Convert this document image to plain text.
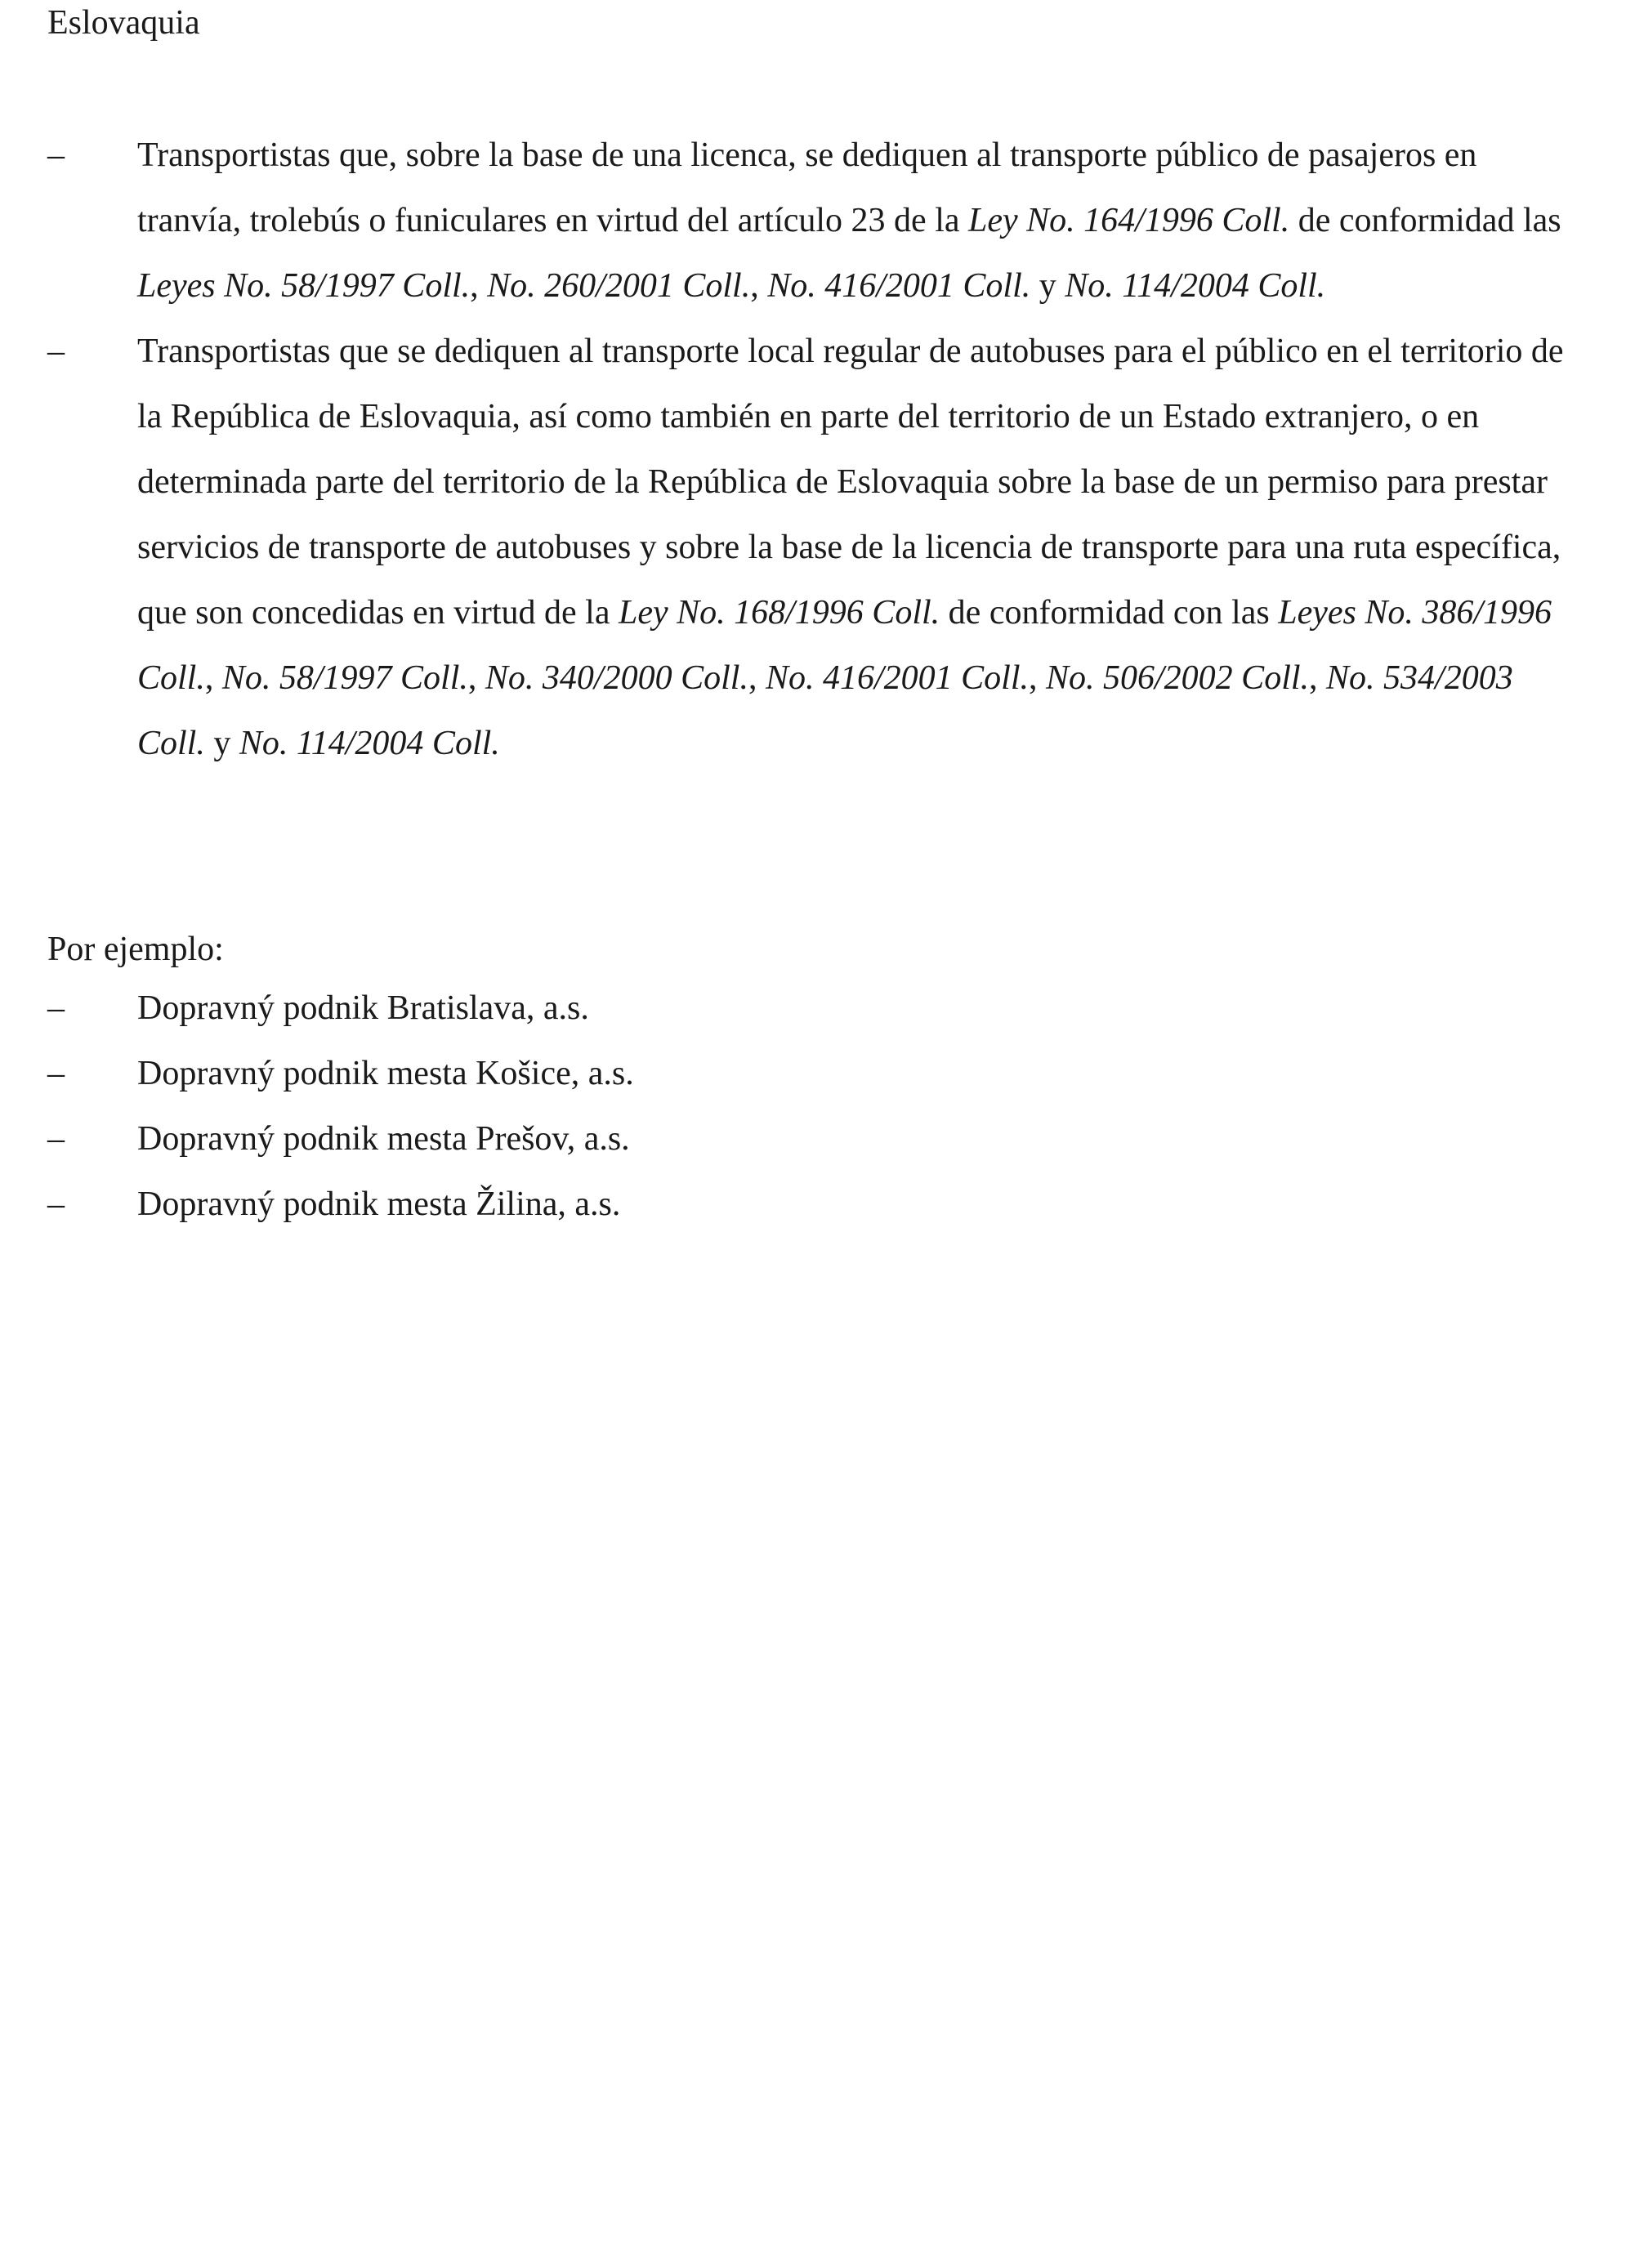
Eslovaquia
–	Transportistas que, sobre la base de una licenca, se dediquen al transporte público de pasajeros en tranvía, trolebús o funiculares en virtud del artículo 23 de la Ley No. 164/1996 Coll. de conformidad las Leyes No. 58/1997 Coll., No. 260/2001 Coll., No. 416/2001 Coll. y No. 114/2004 Coll.
–	Transportistas que se dediquen al transporte local regular de autobuses para el público en el territorio de la República de Eslovaquia, así como también en parte del territorio de un Estado extranjero, o en determinada parte del territorio de la República de Eslovaquia sobre la base de un permiso para prestar servicios de transporte de autobuses y sobre la base de la licencia de transporte para una ruta específica, que son concedidas en virtud de la Ley No. 168/1996 Coll. de conformidad con las Leyes No. 386/1996 Coll., No. 58/1997 Coll., No. 340/2000 Coll., No. 416/2001 Coll., No. 506/2002 Coll., No. 534/2003 Coll. y No. 114/2004 Coll.
Por ejemplo:
–	Dopravný podnik Bratislava, a.s.
–	Dopravný podnik mesta Košice, a.s.
–	Dopravný podnik mesta Prešov, a.s.
–	Dopravný podnik mesta Žilina, a.s.
